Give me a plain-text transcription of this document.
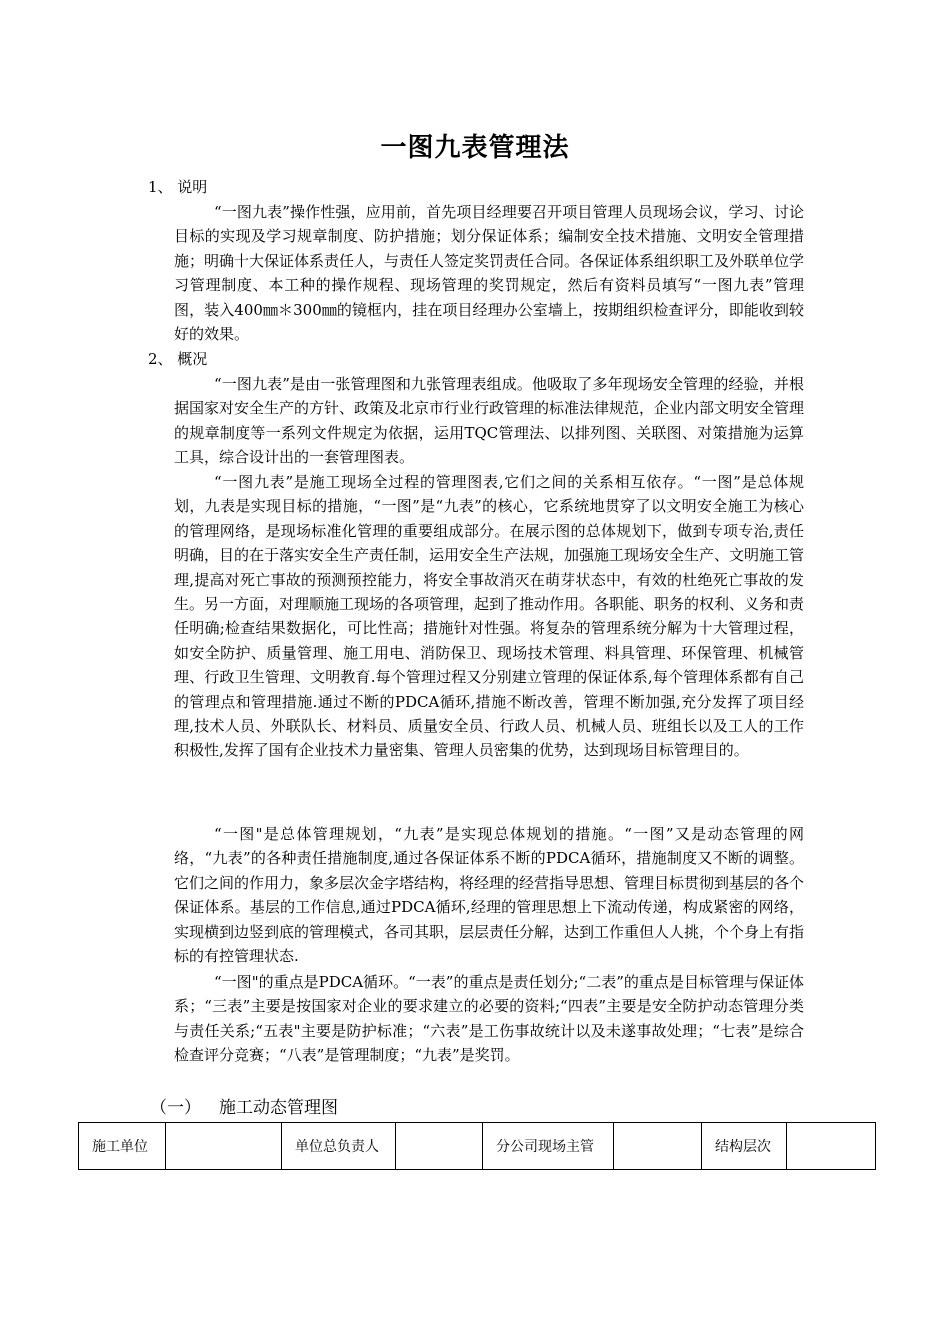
一图九表管理法
1、 说明

“一图九表”操作性强，应用前，首先项目经理要召开项目管理人员现场会议，学习、讨论目标的实现及学习规章制度、防护措施；划分保证体系；编制安全技术措施、文明安全管理措施；明确十大保证体系责任人，与责任人签定奖罚责任合同。各保证体系组织职工及外联单位学习管理制度、本工种的操作规程、现场管理的奖罚规定，然后有资料员填写“一图九表”管理图，装入400㎜＊300㎜的镜框内，挂在项目经理办公室墙上，按期组织检查评分，即能收到较好的效果。

2、 概况

“一图九表”是由一张管理图和九张管理表组成。他吸取了多年现场安全管理的经验，并根据国家对安全生产的方针、政策及北京市行业行政管理的标准法律规范，企业内部文明安全管理的规章制度等一系列文件规定为依据，运用TQC管理法、以排列图、关联图、对策措施为运算工具，综合设计出的一套管理图表。

“一图九表”是施工现场全过程的管理图表,它们之间的关系相互依存。“一图”是总体规划，九表是实现目标的措施，“一图”是“九表”的核心，它系统地贯穿了以文明安全施工为核心的管理网络，是现场标准化管理的重要组成部分。在展示图的总体规划下，做到专项专治,责任明确，目的在于落实安全生产责任制，运用安全生产法规，加强施工现场安全生产、文明施工管理,提高对死亡事故的预测预控能力，将安全事故消灭在萌芽状态中，有效的杜绝死亡事故的发生。另一方面，对理顺施工现场的各项管理，起到了推动作用。各职能、职务的权利、义务和责任明确;检查结果数据化，可比性高；措施针对性强。将复杂的管理系统分解为十大管理过程，如安全防护、质量管理、施工用电、消防保卫、现场技术管理、料具管理、环保管理、机械管理、行政卫生管理、文明教育.每个管理过程又分别建立管理的保证体系,每个管理体系都有自己的管理点和管理措施.通过不断的PDCA循环,措施不断改善，管理不断加强,充分发挥了项目经理,技术人员、外联队长、材料员、质量安全员、行政人员、机械人员、班组长以及工人的工作积极性,发挥了国有企业技术力量密集、管理人员密集的优势，达到现场目标管理目的。

“一图"是总体管理规划，“九表”是实现总体规划的措施。“一图”又是动态管理的网络，“九表”的各种责任措施制度,通过各保证体系不断的PDCA循环，措施制度又不断的调整。它们之间的作用力，象多层次金字塔结构，将经理的经营指导思想、管理目标贯彻到基层的各个保证体系。基层的工作信息,通过PDCA循环,经理的管理思想上下流动传递，构成紧密的网络，实现横到边竖到底的管理模式，各司其职，层层责任分解，达到工作重但人人挑，个个身上有指标的有控管理状态.

“一图"的重点是PDCA循环。“一表”的重点是责任划分;“二表”的重点是目标管理与保证体系；“三表”主要是按国家对企业的要求建立的必要的资料;“四表”主要是安全防护动态管理分类与责任关系;“五表"主要是防护标准；“六表”是工伤事故统计以及未遂事故处理；“七表”是综合检查评分竞赛；“八表”是管理制度；“九表”是奖罚。

（一） 施工动态管理图
施工单位		单位总负责人		分公司现场主管		结构层次	
